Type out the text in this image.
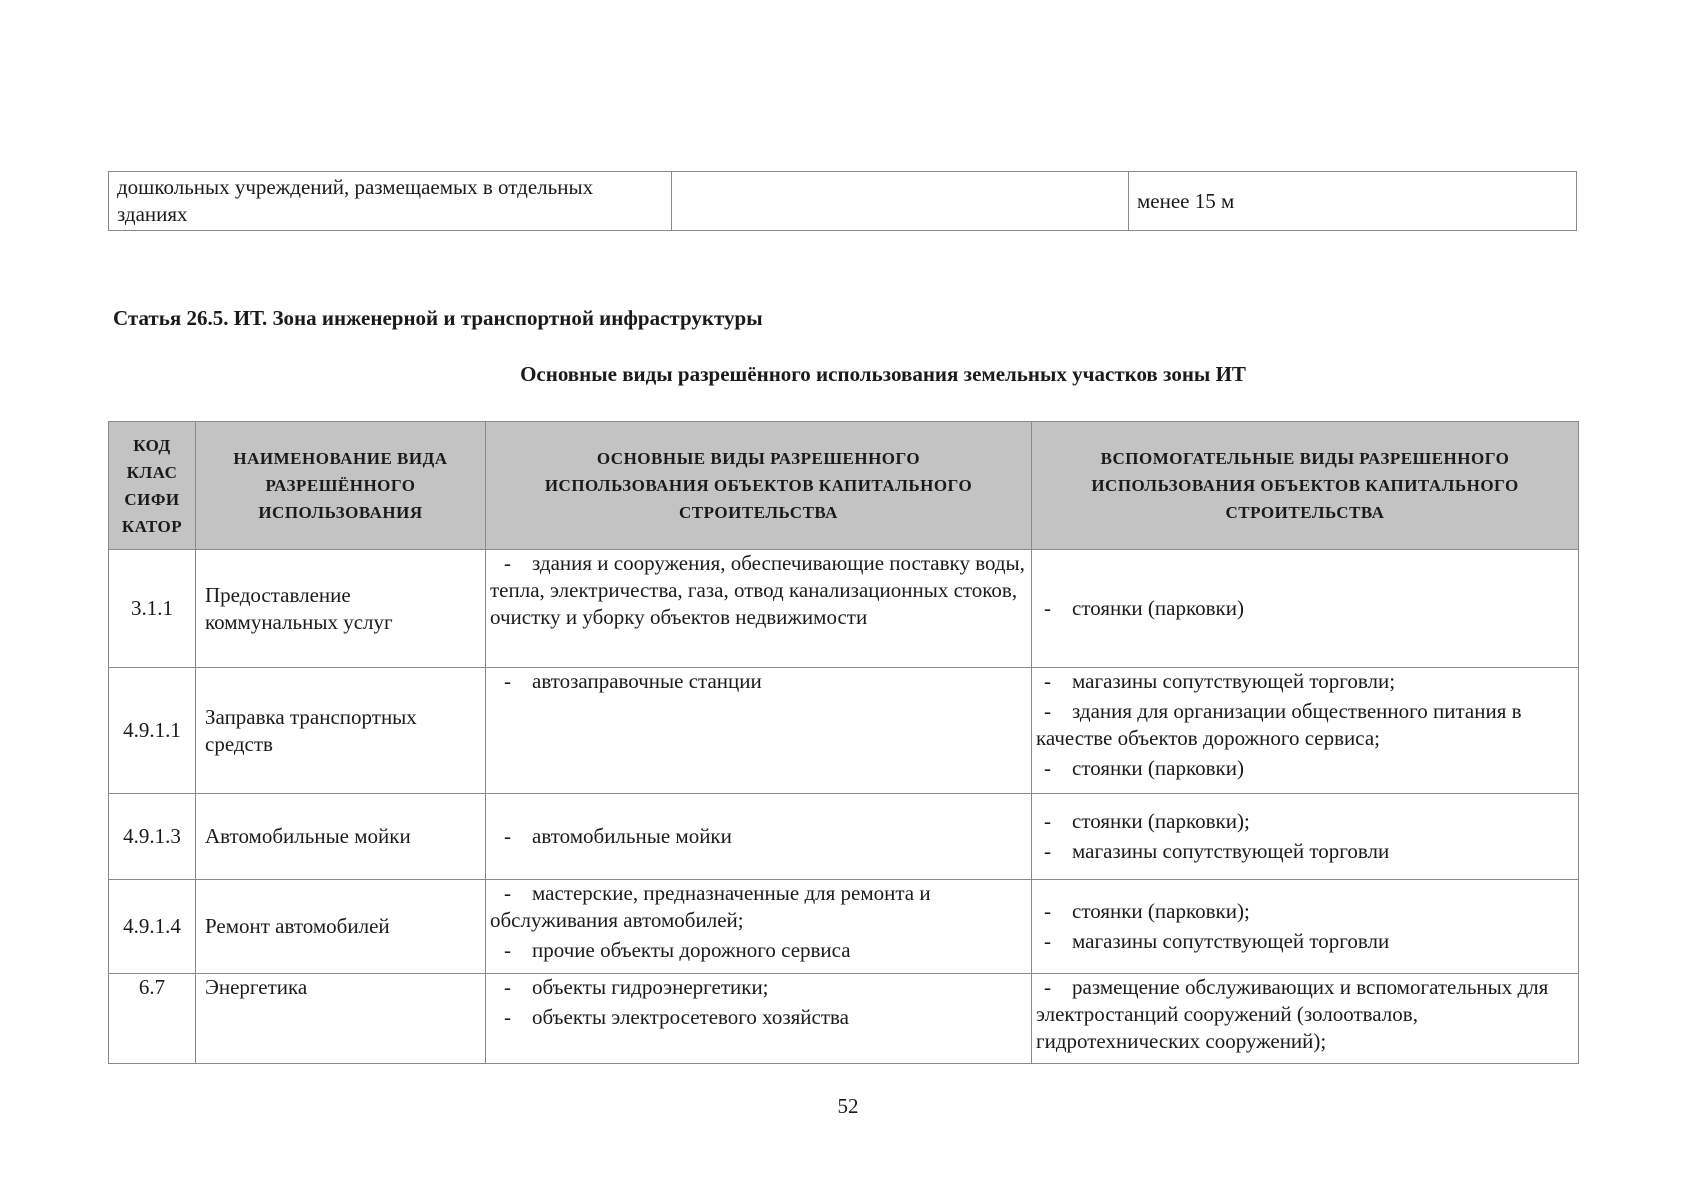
дошкольных учреждений, размещаемых в отдельных зданиях		менее 15 м
Статья 26.5. ИТ. Зона инженерной и транспортной инфраструктуры
Основные виды разрешённого использования земельных участков зоны ИТ
КОД КЛАС СИФИ КАТОР	НАИМЕНОВАНИЕ ВИДА РАЗРЕШЁННОГО ИСПОЛЬЗОВАНИЯ	ОСНОВНЫЕ ВИДЫ РАЗРЕШЕННОГО ИСПОЛЬЗОВАНИЯ ОБЪЕКТОВ КАПИТАЛЬНОГО СТРОИТЕЛЬСТВА	ВСПОМОГАТЕЛЬНЫЕ ВИДЫ РАЗРЕШЕННОГО ИСПОЛЬЗОВАНИЯ ОБЪЕКТОВ КАПИТАЛЬНОГО СТРОИТЕЛЬСТВА
3.1.1	Предоставление коммунальных услуг	- здания и сооружения, обеспечивающие поставку воды, тепла, электричества, газа, отвод канализационных стоков, очистку и уборку объектов недвижимости	- стоянки (парковки)

4.9.1.1	Заправка транспортных средств	- автозаправочные станции	- магазины сопутствующей торговли;
- здания для организации общественного питания в качестве объектов дорожного сервиса;
- стоянки (парковки)

4.9.1.3	Автомобильные мойки	- автомобильные мойки	- стоянки (парковки);
- магазины сопутствующей торговли

4.9.1.4	Ремонт автомобилей	- мастерские, предназначенные для ремонта и обслуживания автомобилей;
- прочие объекты дорожного сервиса	- стоянки (парковки);
- магазины сопутствующей торговли

6.7	Энергетика	- объекты гидроэнергетики;
- объекты электросетевого хозяйства	- размещение обслуживающих и вспомогательных для электростанций сооружений (золоотвалов, гидротехнических сооружений);
52
